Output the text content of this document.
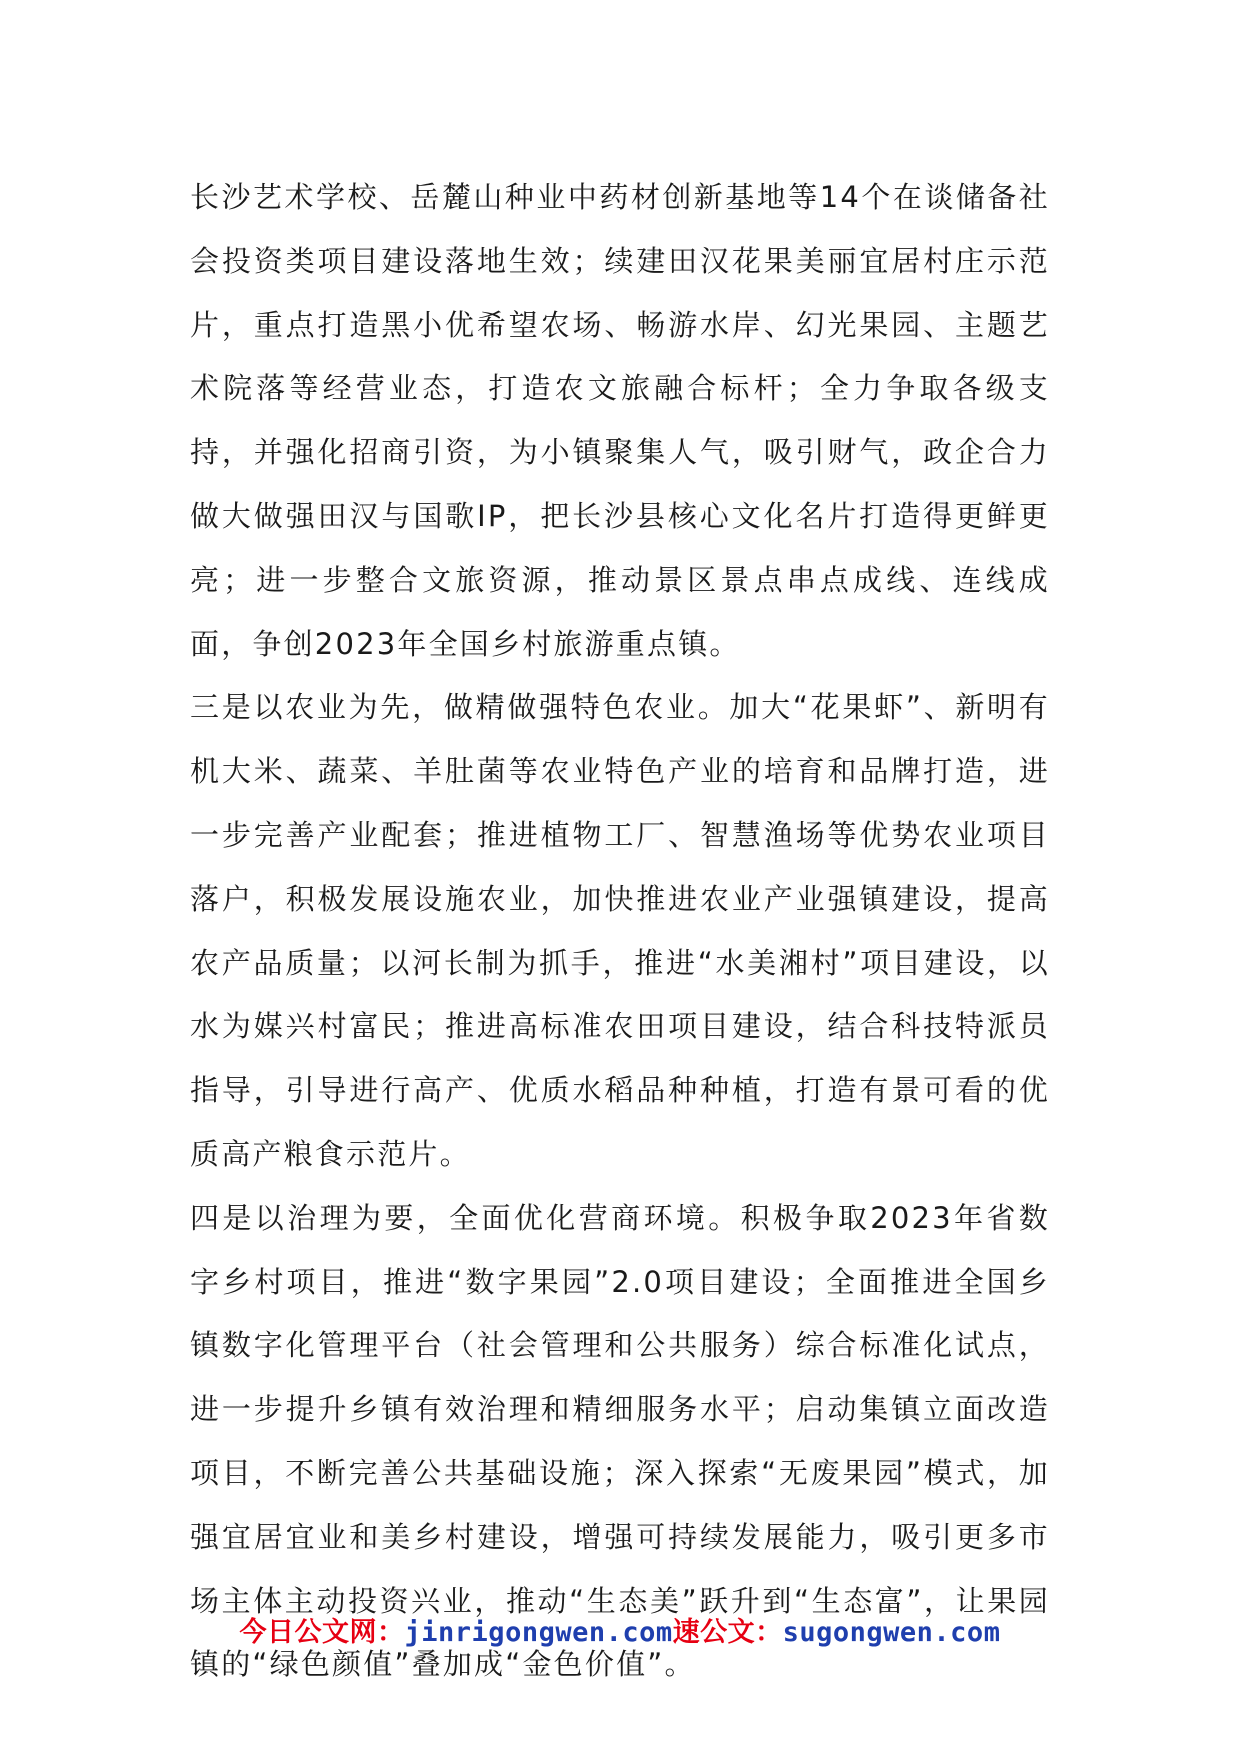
长沙艺术学校、岳麓山种业中药材创新基地等14个在谈储备社会投资类项目建设落地生效；续建田汉花果美丽宜居村庄示范片，重点打造黑小优希望农场、畅游水岸、幻光果园、主题艺术院落等经营业态，打造农文旅融合标杆；全力争取各级支持，并强化招商引资，为小镇聚集人气，吸引财气，政企合力做大做强田汉与国歌IP，把长沙县核心文化名片打造得更鲜更亮；进一步整合文旅资源，推动景区景点串点成线、连线成面，争创2023年全国乡村旅游重点镇。

三是以农业为先，做精做强特色农业。加大“花果虾”、新明有机大米、蔬菜、羊肚菌等农业特色产业的培育和品牌打造，进一步完善产业配套；推进植物工厂、智慧渔场等优势农业项目落户，积极发展设施农业，加快推进农业产业强镇建设，提高农产品质量；以河长制为抓手，推进“水美湘村”项目建设，以水为媒兴村富民；推进高标准农田项目建设，结合科技特派员指导，引导进行高产、优质水稻品种种植，打造有景可看的优质高产粮食示范片。

四是以治理为要，全面优化营商环境。积极争取2023年省数字乡村项目，推进“数字果园”2.0项目建设；全面推进全国乡镇数字化管理平台（社会管理和公共服务）综合标准化试点，进一步提升乡镇有效治理和精细服务水平；启动集镇立面改造项目，不断完善公共基础设施；深入探索“无废果园”模式，加强宜居宜业和美乡村建设，增强可持续发展能力，吸引更多市场主体主动投资兴业，推动“生态美”跃升到“生态富”，让果园镇的“绿色颜值”叠加成“金色价值”。

今日公文网：jinrigongwen.com速公文：sugongwen.com
